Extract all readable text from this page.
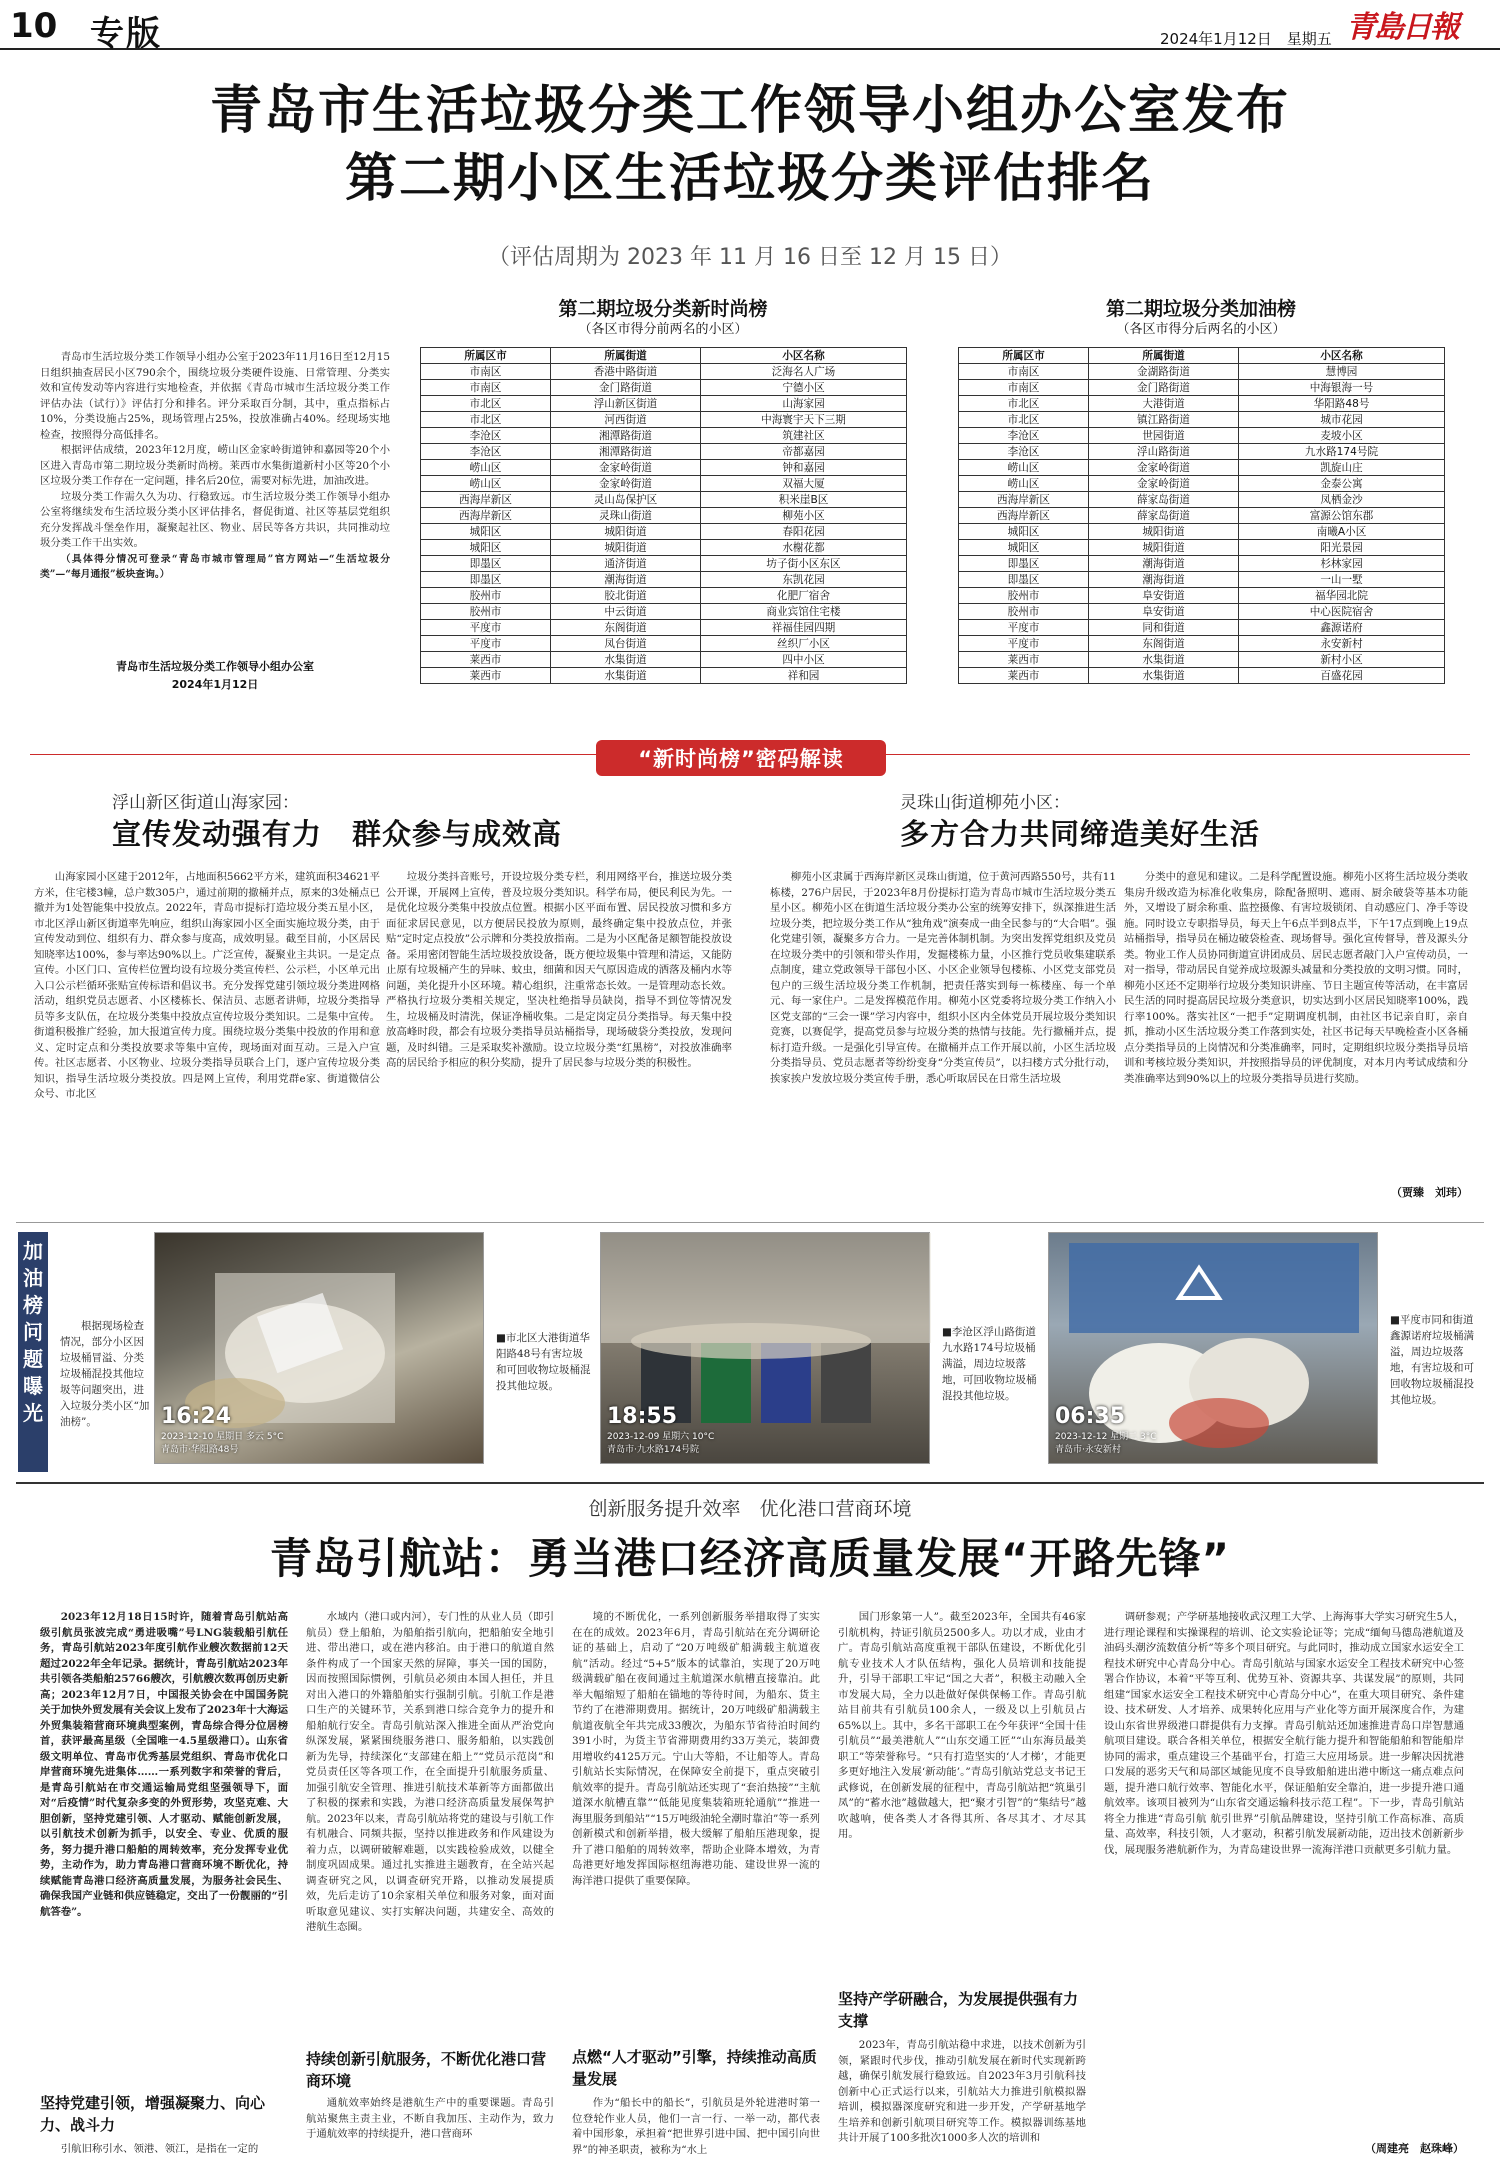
10 专版	2024年1月12日　星期五 青島日報
青岛市生活垃圾分类工作领导小组办公室发布
第二期小区生活垃圾分类评估排名
（评估周期为 2023 年 11 月 16 日至 12 月 15 日）

青岛市生活垃圾分类工作领导小组办公室于2023年11月16日至12月15日组织抽查居民小区790余个，围绕垃圾分类硬件设施、日常管理、分类实效和宣传发动等内容进行实地检查，并依据《青岛市城市生活垃圾分类工作评估办法（试行）》评估打分和排名。评分采取百分制，其中，重点指标占10%，分类设施占25%，现场管理占25%，投放准确占40%。经现场实地检查，按照得分高低排名。

根据评估成绩，2023年12月度，崂山区金家岭街道钟和嘉园等20个小区进入青岛市第二期垃圾分类新时尚榜。莱西市水集街道新村小区等20个小区垃圾分类工作存在一定问题，排名后20位，需要对标先进，加油改进。

垃圾分类工作需久久为功、行稳致远。市生活垃圾分类工作领导小组办公室将继续发布生活垃圾分类小区评估排名，督促街道、社区等基层党组织充分发挥战斗堡垒作用，凝聚起社区、物业、居民等各方共识，共同推动垃圾分类工作干出实效。

（具体得分情况可登录“青岛市城市管理局”官方网站—“生活垃圾分类”—“每月通报”板块查询。）

青岛市生活垃圾分类工作领导小组办公室
2024年1月12日
第二期垃圾分类新时尚榜
（各区市得分前两名的小区）
所属区市	所属街道	小区名称
市南区	香港中路街道	泛海名人广场
市南区	金门路街道	宁德小区
市北区	浮山新区街道	山海家园
市北区	河西街道	中海寰宇天下三期
李沧区	湘潭路街道	筑建社区
李沧区	湘潭路街道	帝都嘉园
崂山区	金家岭街道	钟和嘉园
崂山区	金家岭街道	双福大厦
西海岸新区	灵山岛保护区	积米崖B区
西海岸新区	灵珠山街道	柳苑小区
城阳区	城阳街道	春阳花园
城阳区	城阳街道	水榭花都
即墨区	通济街道	坊子街小区东区
即墨区	潮海街道	东凯花园
胶州市	胶北街道	化肥厂宿舍
胶州市	中云街道	商业宾馆住宅楼
平度市	东阁街道	祥福佳园四期
平度市	凤台街道	丝织厂小区
莱西市	水集街道	四中小区
莱西市	水集街道	祥和园
第二期垃圾分类加油榜
（各区市得分后两名的小区）
所属区市	所属街道	小区名称
市南区	金湖路街道	慧博园
市南区	金门路街道	中海银海一号
市北区	大港街道	华阳路48号
市北区	镇江路街道	城市花园
李沧区	世园街道	麦坡小区
李沧区	浮山路街道	九水路174号院
崂山区	金家岭街道	凯旋山庄
崂山区	金家岭街道	金泰公寓
西海岸新区	薛家岛街道	凤栖金沙
西海岸新区	薛家岛街道	富源公馆东郡
城阳区	城阳街道	南曦A小区
城阳区	城阳街道	阳光景园
即墨区	潮海街道	杉林家园
即墨区	潮海街道	一山一墅
胶州市	阜安街道	福华园北院
胶州市	阜安街道	中心医院宿舍
平度市	同和街道	鑫源诺府
平度市	东阁街道	永安新村
莱西市	水集街道	新村小区
莱西市	水集街道	百盛花园
“新时尚榜”密码解读
浮山新区街道山海家园：
宣传发动强有力　群众参与成效高
山海家园小区建于2012年，占地面积5662平方米，建筑面积34621平方米，住宅楼3幢，总户数305户，通过前期的撤桶并点，原来的3处桶点已撤并为1处智能集中投放点。2022年，青岛市提标打造垃圾分类五星小区，市北区浮山新区街道率先响应，组织山海家园小区全面实施垃圾分类，由于宣传发动到位、组织有力、群众参与度高，成效明显。截至目前，小区居民知晓率达100%，参与率达90%以上。广泛宣传，凝聚业主共识。一是定点宣传。小区门口、宣传栏位置均设有垃圾分类宣传栏、公示栏，小区单元出入口公示栏循环张贴宣传标语和倡议书。充分发挥党建引领垃圾分类进网格活动，组织党员志愿者、小区楼栋长、保洁员、志愿者讲师，垃圾分类指导员等多支队伍，在垃圾分类集中投放点宣传垃圾分类知识。二是集中宣传。街道积极推广经验，加大报道宣传力度。围绕垃圾分类集中投放的作用和意义、定时定点和分类投放要求等集中宣传，现场面对面互动。三是入户宣传。社区志愿者、小区物业、垃圾分类指导员联合上门，逐户宣传垃圾分类知识，指导生活垃圾分类投放。四是网上宣传，利用党群e家、街道微信公众号、市北区
垃圾分类抖音账号，开设垃圾分类专栏，利用网络平台，推送垃圾分类公开课，开展网上宣传，普及垃圾分类知识。科学布局，便民利民为先。一是优化垃圾分类集中投放点位置。根据小区平面布置、居民投放习惯和多方面征求居民意见，以方便居民投放为原则，最终确定集中投放点位，并张贴“定时定点投放”公示牌和分类投放指南。二是为小区配备足额智能投放设备。采用密闭智能生活垃圾投放设备，既方便垃圾集中管理和清运，又能防止原有垃圾桶产生的异味、蚊虫，细菌和因天气原因造成的洒落及桶内水等问题，美化提升小区环境。精心组织，注重常态长效。一是管理动态长效。严格执行垃圾分类相关规定，坚决杜绝指导员缺岗，指导不到位等情况发生，垃圾桶及时清洗，保证净桶收集。二是定岗定员分类指导。每天集中投放高峰时段，都会有垃圾分类指导员站桶指导，现场破袋分类投放，发现问题，及时纠错。三是采取奖补激励。设立垃圾分类“红黑榜”，对投放准确率高的居民给予相应的积分奖励，提升了居民参与垃圾分类的积极性。
灵珠山街道柳苑小区：
多方合力共同缔造美好生活
柳苑小区隶属于西海岸新区灵珠山街道，位于黄河西路550号，共有11栋楼，276户居民，于2023年8月份提标打造为青岛市城市生活垃圾分类五星小区。柳苑小区在街道生活垃圾分类办公室的统筹安排下，纵深推进生活垃圾分类，把垃圾分类工作从“独角戏”演奏成一曲全民参与的“大合唱”。强化党建引领，凝聚多方合力。一是完善体制机制。为突出发挥党组织及党员在垃圾分类中的引领和带头作用，发掘楼栋力量，小区推行党员收集建联系点制度，建立党政领导干部包小区、小区企业领导包楼栋、小区党支部党员包户的三级生活垃圾分类工作机制，把责任落实到每一栋楼座、每一个单元、每一家住户。二是发挥模范作用。柳苑小区党委将垃圾分类工作纳入小区党支部的“三会一课”学习内容中，组织小区内全体党员开展垃圾分类知识竞赛，以赛促学，提高党员参与垃圾分类的热情与技能。先行撤桶并点，提标打造升级。一是强化引导宣传。在撤桶并点工作开展以前，小区生活垃圾分类指导员、党员志愿者等纷纷变身“分类宣传员”，以扫楼方式分批行动，挨家挨户发放垃圾分类宣传手册，悉心听取居民在日常生活垃圾
分类中的意见和建议。二是科学配置设施。柳苑小区将生活垃圾分类收集房升级改造为标准化收集房，除配备照明、遮雨、厨余破袋等基本功能外，又增设了厨余称重、监控摄像、有害垃圾锁闭、自动感应门、净手等设施。同时设立专职指导员，每天上午6点半到8点半，下午17点到晚上19点站桶指导，指导员在桶边破袋检查、现场督导。强化宣传督导，普及源头分类。物业工作人员协同街道宣讲团成员、居民志愿者敲门入户宣传动员，一对一指导，带动居民自觉养成垃圾源头减量和分类投放的文明习惯。同时，柳苑小区还不定期举行垃圾分类知识讲座、节日主题宣传等活动，在丰富居民生活的同时提高居民垃圾分类意识，切实达到小区居民知晓率100%，践行率100%。落实社区“一把手”定期调度机制，由社区书记亲自盯，亲自抓，推动小区生活垃圾分类工作落到实处，社区书记每天早晚检查小区各桶点分类指导员的上岗情况和分类准确率，同时，定期组织垃圾分类指导员培训和考核垃圾分类知识，并按照指导员的评优制度，对本月内考试成绩和分类准确率达到90%以上的垃圾分类指导员进行奖励。
（贾臻　刘玮）
加油榜问题曝光
根据现场检查情况，部分小区因垃圾桶冒溢、分类垃圾桶混投其他垃圾等问题突出，进入垃圾分类小区“加油榜”。	16:24
2023-12-10 星期日 多云 5°C
青岛市·华阳路48号
■市北区大港街道华阳路48号有害垃圾和可回收物垃圾桶混投其他垃圾。
18:55
2023-12-09 星期六 10°C
青岛市·九水路174号院
■李沧区浮山路街道九水路174号垃圾桶满溢，周边垃圾落地，可回收物垃圾桶混投其他垃圾。
06:35
2023-12-12 星期二 3°C
青岛市·永安新村
■平度市同和街道鑫源诺府垃圾桶满溢，周边垃圾落地，有害垃圾和可回收物垃圾桶混投其他垃圾。
创新服务提升效率　优化港口营商环境
青岛引航站：勇当港口经济高质量发展“开路先锋”
2023年12月18日15时许，随着青岛引航站高级引航员张波完成“勇进吸嘴”号LNG装载船引航任务，青岛引航站2023年度引航作业艘次数据前12天超过2022年全年记录。据统计，青岛引航站2023年共引领各类船舶25766艘次，引航艘次数再创历史新高；2023年12月7日，中国报关协会在中国国务院关于加快外贸发展有关会议上发布了2023年十大海运外贸集装箱营商环境典型案例，青岛综合得分位居榜首，获评最高星级（全国唯一4.5星级港口）。山东省级文明单位、青岛市优秀基层党组织、青岛市优化口岸营商环境先进集体……一系列数字和荣誉的背后，是青岛引航站在市交通运输局党组坚强领导下，面对“后疫情”时代复杂多变的外贸形势，攻坚克难、大胆创新，坚持党建引领、人才驱动、赋能创新发展，以引航技术创新为抓手，以安全、专业、优质的服务，努力提升港口船舶的周转效率，充分发挥专业优势，主动作为，助力青岛港口营商环境不断优化，持续赋能青岛港口经济高质量发展，为服务社会民生、确保我国产业链和供应链稳定，交出了一份靓丽的“引航答卷”。
坚持党建引领，增强凝聚力、向心力、战斗力
引航旧称引水、领港、领江，是指在一定的
水域内（港口或内河），专门性的从业人员（即引航员）登上船舶，为船舶指引航向，把船舶安全地引进、带出港口，或在港内移泊。由于港口的航道自然条件构成了一个国家天然的屏障，事关一国的国防，因而按照国际惯例，引航员必须由本国人担任，并且对出入港口的外籍船舶实行强制引航。引航工作是港口生产的关键环节，关系到港口综合竞争力的提升和船舶航行安全。青岛引航站深入推进全面从严治党向纵深发展，紧紧围绕服务港口、服务船舶，以实践创新为先导，持续深化“支部建在船上”“党员示范岗”和党员责任区等各项工作，在全面提升引航服务质量、加强引航安全管理、推进引航技术革新等方面都做出了积极的探索和实践，为港口经济高质量发展保驾护航。2023年以来，青岛引航站将党的建设与引航工作有机融合、同频共振，坚持以推进政务和作风建设为着力点，以调研破解难题，以实践检验成效，以健全制度巩固成果。通过扎实推进主题教育，在全站兴起调查研究之风，以调查研究开路，以推动发展提质效，先后走访了10余家相关单位和服务对象，面对面听取意见建议、实打实解决问题，共建安全、高效的港航生态圈。
持续创新引航服务，不断优化港口营商环境
通航效率始终是港航生产中的重要课题。青岛引航站聚焦主责主业，不断自我加压、主动作为，致力于通航效率的持续提升，港口营商环
境的不断优化，一系列创新服务举措取得了实实在在的成效。2023年6月，青岛引航站在充分调研论证的基础上，启动了“20万吨级矿船满载主航道夜航”活动。经过“5+5”版本的试靠泊，实现了20万吨级满载矿船在夜间通过主航道深水航槽直接靠泊。此举大幅缩短了船舶在锚地的等待时间，为船东、货主节约了在港滞期费用。据统计，20万吨级矿船满载主航道夜航全年共完成33艘次，为船东节省待泊时间约391小时，为货主节省滞期费用约33万美元，装卸费用增收约4125万元。宁山大等船，不让船等人。青岛引航站长实际情况，在保障安全前提下，重点突破引航效率的提升。青岛引航站还实现了“套泊热接”“主航道深水航槽直靠”“低能见度集装箱班轮通航”“推进一海里服务到船站”“15万吨级油轮全潮时靠泊”等一系列创新模式和创新举措，极大缓解了船舶压港现象，提升了港口船舶的周转效率，帮助企业降本增效，为青岛港更好地发挥国际枢纽海港功能、建设世界一流的海洋港口提供了重要保障。
点燃“人才驱动”引擎，持续推动高质量发展
作为“船长中的船长”，引航员是外轮进港时第一位登轮作业人员，他们一言一行、一举一动，都代表着中国形象，承担着“把世界引进中国、把中国引向世界”的神圣职责，被称为“水上
国门形象第一人”。截至2023年，全国共有46家引航机构，持证引航员2500多人。功以才成，业由才广。青岛引航站高度重视干部队伍建设，不断优化引航专业技术人才队伍结构，强化人员培训和技能提升，引导干部职工牢记“国之大者”，积极主动融入全市发展大局，全力以赴做好保供保畅工作。青岛引航站目前共有引航员100余人，一级及以上引航员占65%以上。其中，多名干部职工在今年获评“全国十佳引航员”“最美港航人”“山东交通工匠”“山东海员最美职工”等荣誉称号。“只有打造坚实的‘人才梯’，才能更多更好地注入发展‘新动能’。”青岛引航站党总支书记王武修说，在创新发展的征程中，青岛引航站把“筑巢引凤”的“蓄水池”越做越大，把“聚才引智”的“集结号”越吹越响，使各类人才各得其所、各尽其才、才尽其用。
坚持产学研融合，为发展提供强有力支撑
2023年，青岛引航站稳中求进，以技术创新为引领，紧跟时代步伐，推动引航发展在新时代实现新跨越，确保引航发展行稳致远。自2023年3月引航科技创新中心正式运行以来，引航站大力推进引航模拟器培训，模拟器深度研究和进一步开发，产学研基地学生培养和创新引航项目研究等工作。模拟器训练基地共计开展了100多批次1000多人次的培训和
调研参观；产学研基地接收武汉理工大学、上海海事大学实习研究生5人，进行理论课程和实操课程的培训、论文实验论证等；完成“缅甸马德岛港航道及油码头潮汐流数值分析”等多个项目研究。与此同时，推动成立国家水运安全工程技术研究中心青岛分中心。青岛引航站与国家水运安全工程技术研究中心签署合作协议，本着“平等互利、优势互补、资源共享、共谋发展”的原则，共同组建“国家水运安全工程技术研究中心青岛分中心”，在重大项目研究、条件建设、技术研发、人才培养、成果转化应用与产业化等方面开展深度合作，为建设山东省世界级港口群提供有力支撑。青岛引航站还加速推进青岛口岸智慧通航项目建设。联合各相关单位，根据安全航行能力提升和智能船舶和智能船岸协同的需求，重点建设三个基础平台，打造三大应用场景。进一步解决因扰港口发展的恶劣天气和局部区域能见度不良导致船舶进出港中断这一痛点难点问题，提升港口航行效率、智能化水平，保证船舶安全靠泊，进一步提升港口通航效率。该项目被列为“山东省交通运输科技示范工程”。下一步，青岛引航站将全力推进“青岛引航 航引世界”引航品牌建设，坚持引航工作高标准、高质量、高效率，科技引领，人才驱动，积蓄引航发展新动能，迈出技术创新新步伐，展现服务港航新作为，为青岛建设世界一流海洋港口贡献更多引航力量。
（周建亮　赵珠峰）
